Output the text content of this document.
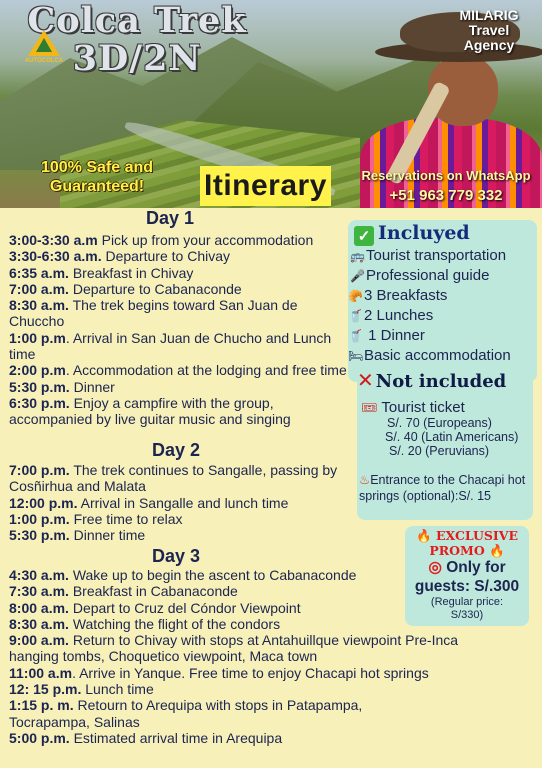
Colca Trek
3D/2N
AUTOCOLCA
MILARIG
Travel
Agency
100% Safe and
Guaranteed!	Itinerary	Reservations on WhatsApp
+51 963 779 332
Day 1

3:00-3:30 a.m Pick up from your accommodation

3:30-6:30 a.m. Departure to Chivay

6:35 a.m. Breakfast in Chivay

7:00 a.m. Departure to Cabanaconde

8:30 a.m. The trek begins toward San Juan de Chuccho

1:00 p.m. Arrival in San Juan de Chucho and Lunch time

2:00 p.m. Accommodation at the lodging and free time

5:30 p.m. Dinner

6:30 p.m. Enjoy a campfire with the group, accompanied by live guitar music and singing

Day 2

7:00 p.m. The trek continues to Sangalle, passing by Cosñirhua and Malata

12:00 p.m. Arrival in Sangalle and lunch time

1:00 p.m. Free time to relax

5:30 p.m. Dinner time

Day 3

4:30 a.m. Wake up to begin the ascent to Cabanaconde

7:30 a.m. Breakfast in Cabanaconde

8:00 a.m. Depart to Cruz del Cóndor Viewpoint

8:30 a.m. Watching the flight of the condors

9:00 a.m. Return to Chivay with stops at Antahuillque viewpoint Pre-Inca hanging tombs, Choquetico viewpoint, Maca town

11:00 a.m. Arrive in Yanque. Free time to enjoy Chacapi hot springs

12: 15 p.m. Lunch time

1:15 p. m. Retourn to Arequipa with stops in Patapampa, Tocrapampa, Salinas

5:00 p.m. Estimated arrival time in Arequipa

✓ Incluyed
🚌Tourist transportation
🎤Professional guide
🥐3 Breakfasts
🥤2 Lunches
🥤 1 Dinner
🛏Basic accommodation
✕ Not included
🎟 Tourist ticket
S/. 70 (Europeans)
S/. 40 (Latin Americans)
S/. 20 (Peruvians)
♨Entrance to the Chacapi hot springs (optional):S/. 15
🔥 EXCLUSIVE
PROMO 🔥
◎ Only for
guests: S/.300
(Regular price:
S/330)
